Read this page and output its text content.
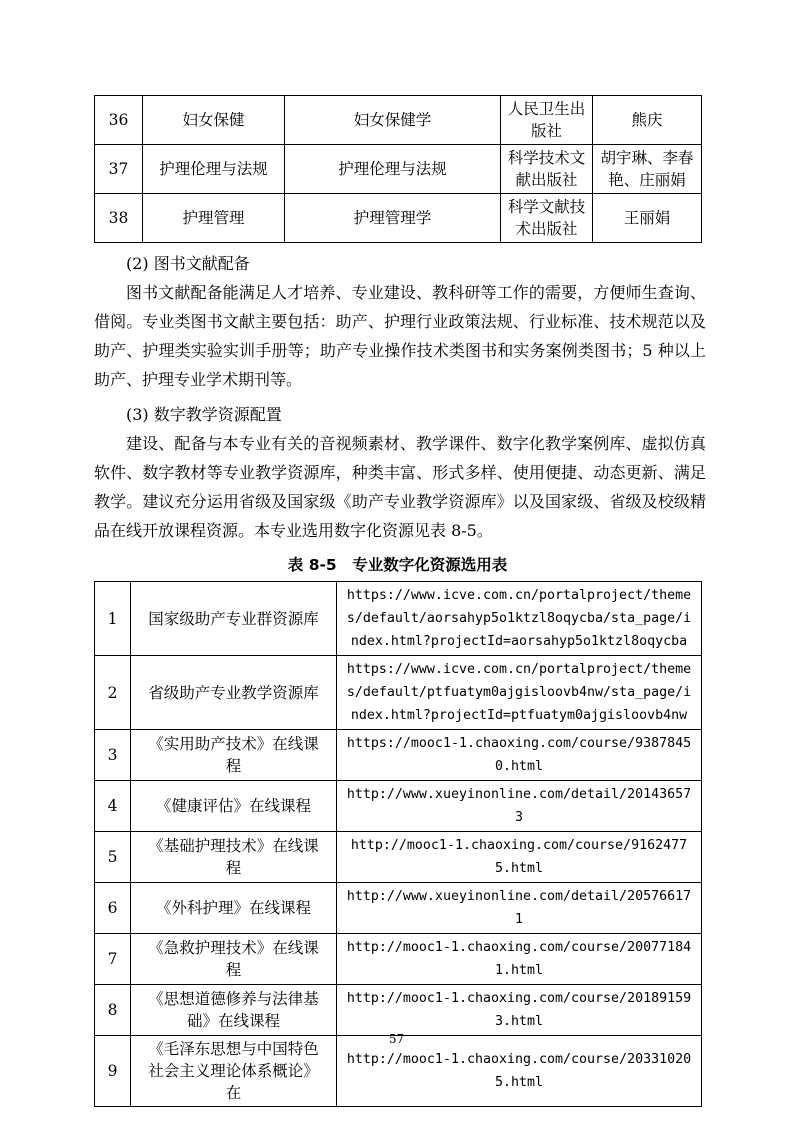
36	妇女保健	妇女保健学	人民卫生出版社	熊庆
37	护理伦理与法规	护理伦理与法规	科学技术文献出版社	胡宇琳、李春艳、庄丽娟
38	护理管理	护理管理学	科学文献技术出版社	王丽娟

(2) 图书文献配备

图书文献配备能满足人才培养、专业建设、教科研等工作的需要，方便师生查询、借阅。专业类图书文献主要包括：助产、护理行业政策法规、行业标准、技术规范以及助产、护理类实验实训手册等；助产专业操作技术类图书和实务案例类图书；5 种以上助产、护理专业学术期刊等。

(3) 数字教学资源配置

建设、配备与本专业有关的音视频素材、教学课件、数字化教学案例库、虚拟仿真软件、数字教材等专业教学资源库，种类丰富、形式多样、使用便捷、动态更新、满足教学。建议充分运用省级及国家级《助产专业教学资源库》以及国家级、省级及校级精品在线开放课程资源。本专业选用数字化资源见表 8-5。

表 8-5　专业数字化资源选用表
1	国家级助产专业群资源库	https://www.icve.com.cn/portalproject/themes/default/aorsahyp5o1ktzl8oqycba/sta_page/index.html?projectId=aorsahyp5o1ktzl8oqycba
2	省级助产专业教学资源库	https://www.icve.com.cn/portalproject/themes/default/ptfuatym0ajgisloovb4nw/sta_page/index.html?projectId=ptfuatym0ajgisloovb4nw
3	《实用助产技术》在线课程	https://mooc1-1.chaoxing.com/course/93878450.html
4	《健康评估》在线课程	http://www.xueyinonline.com/detail/201436573
5	《基础护理技术》在线课程	http://mooc1-1.chaoxing.com/course/91624775.html
6	《外科护理》在线课程	http://www.xueyinonline.com/detail/205766171
7	《急救护理技术》在线课程	http://mooc1-1.chaoxing.com/course/200771841.html
8	《思想道德修养与法律基础》在线课程	http://mooc1-1.chaoxing.com/course/201891593.html
9	《毛泽东思想与中国特色社会主义理论体系概论》在	http://mooc1-1.chaoxing.com/course/203310205.html
57
